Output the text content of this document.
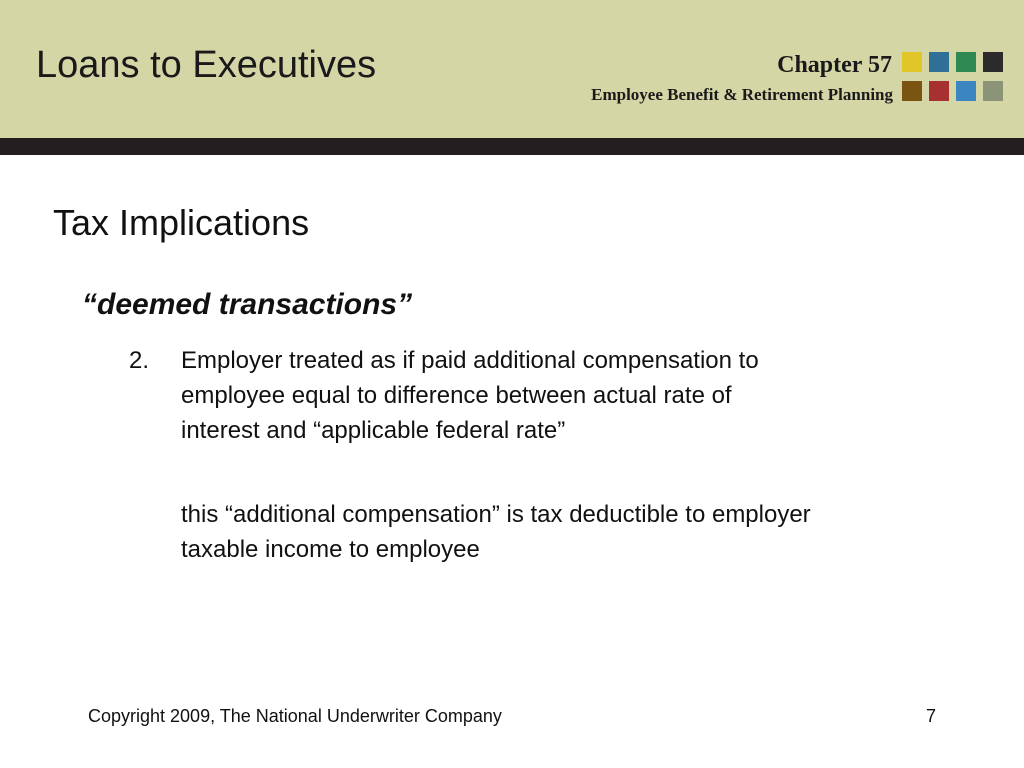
Loans to Executives	Chapter 57
Employee Benefit & Retirement Planning
Tax Implications
“deemed transactions”
2.	Employer treated as if paid additional compensation to
employee equal to difference between actual rate of
interest and “applicable federal rate”
this “additional compensation” is tax deductible to employer
taxable income to employee
Copyright 2009, The National Underwriter Company	7
